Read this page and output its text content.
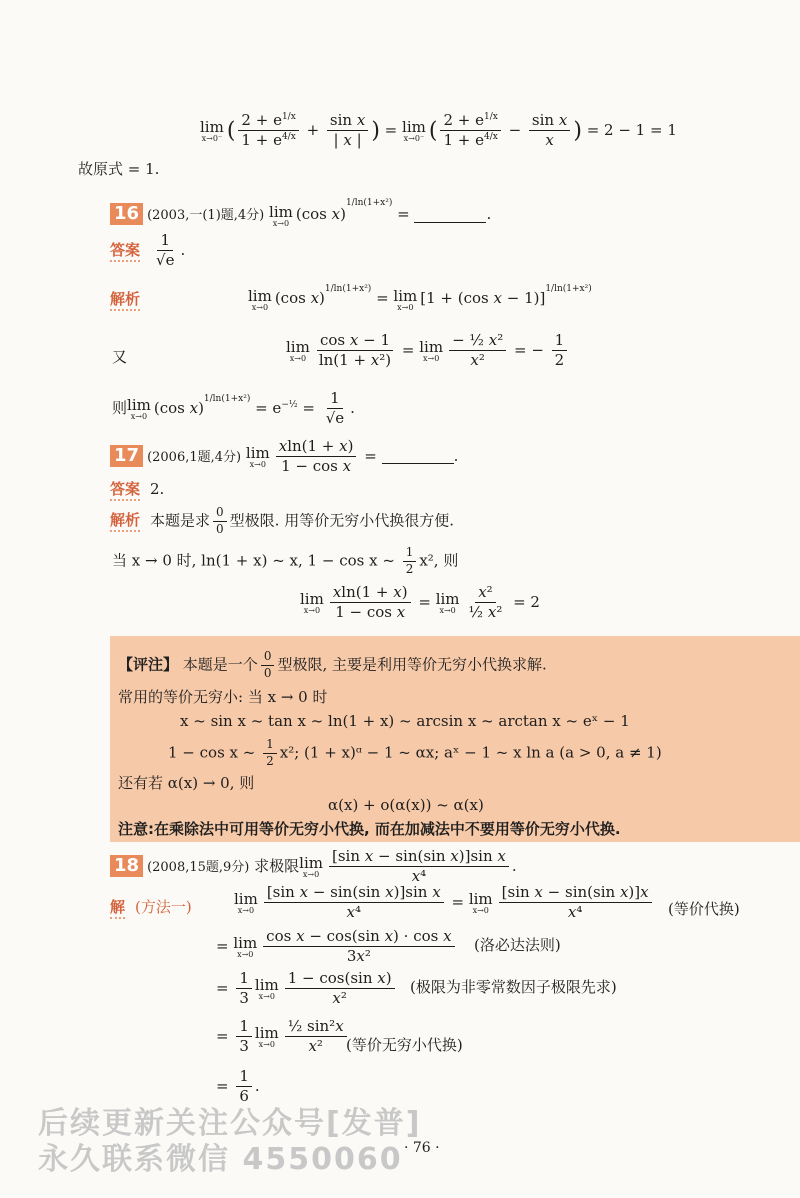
lim
x→0⁻ ( $\frac{2 + e^{1/x}}{1 + e^{4/x}} + \frac{\text{sin x}}{| x |}$ ) = lim
x→0⁻ ( $\frac{2 + e^{1/x}}{1 + e^{4/x}} - \frac{\text{sin x}}{x}$ ) = 2 − 1 = 1
故原式 = 1.
16 (2003,一(1)题,4分) lim
x→0 (cos x)$^{1/ln(1+x^2)}$ =	.
答案 $\frac{1}{√e}$ .
解析	lim
x→0 (cos x)$^{1/ln(1+x^2)}$ = lim
x→0 [1 + (cos x − 1)]$^{1/ln(1+x^2)}$
又
lim
$x\to 0 \frac{\text{cos x − 1}}{\text{ln(1 + x²)}} = \lim$
$x\to 0 \frac{\text{− ½ x²}}{\text{x²}}$ = − $\frac{1}{2}$
则 lim
x→0 (cos $x)^{1/ln(1+x^2)} = e^{-\frac{1}{2}} = \frac{1}{√e}$ .
17 (2006,1题,4分) lim
$x\to 0 \frac{xln(1 + x)}{\text{1 − cos x}}$ =	.
答案 2.
解析 本题是求 $\frac{0}{0}$ 型极限. 用等价无穷小代换很方便.
当 x → 0 时, ln(1 + x) ~ x, 1 − cos x ~ $\frac{1}{2} x^2$, 则
lim
$x\to 0 \frac{xln(1 + x)}{\text{1 − cos x}} = \lim$
$x\to 0 \frac{\text{x²}}{\text{½ x²}} = 2$
【评注】 本题是一个 $\frac{0}{0}$ 型极限, 主要是利用等价无穷小代换求解.
常用的等价无穷小: 当 x → 0 时
x ~ sin x ~ tan x ~ ln(1 + x) ~ arcsin x ~ arctan x ~ eˣ − 1
1 − cos x ~ $\frac{1}{2} x^2$; (1 + x)ᵅ − 1 ~ αx; aˣ − 1 ~ x ln a (a > 0, a ≠ 1)
还有若 α(x) → 0, 则
α(x) + o(α(x)) ~ α(x)
注意:在乘除法中可用等价无穷小代换, 而在加减法中不要用等价无穷小代换.
18 (2008,15题,9分) 求极限 lim
$x\to 0 \frac{\text{[sin x − sin(sin x)]sin x}}{\text{x⁴}}$ .
解 (方法一)	lim
$x\to 0 \frac{\text{[sin x − sin(sin x)]sin x}}{\text{x⁴}} = \lim$
$x\to 0 \frac{\text{[sin x − sin(sin x)]x}}{\text{x⁴}}$ (等价代换)
= lim
$x\to 0 \frac{\text{cos x − cos(sin x) · cos x}}{\text{3x²}}$ (洛必达法则)
= $\frac{1}{3}$ lim
$x\to 0 \frac{\text{1 − cos(sin x)}}{\text{x²}}$ (极限为非零常数因子极限先求)
= $\frac{1}{3}$ lim
$x\to 0 \frac{\text{½ sin²x}}{\text{x²}}$ (等价无穷小代换)
= $\frac{1}{6}$ .
· 76 ·
后续更新关注公众号[发普]
永久联系微信 4550060
